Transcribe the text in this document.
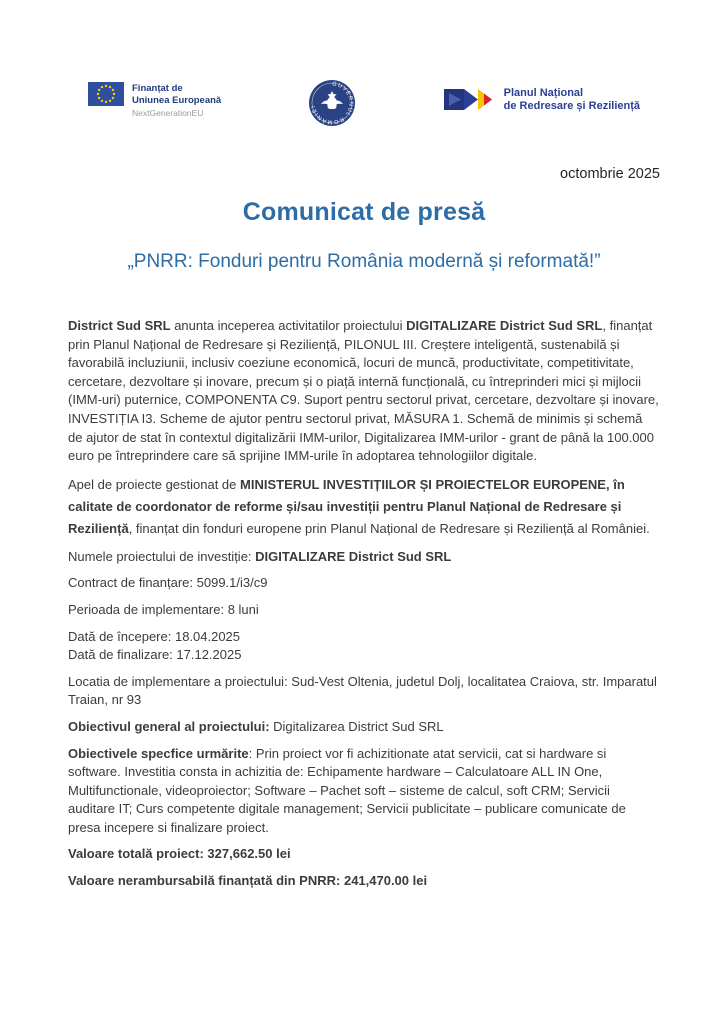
Finanțat de
Uniunea Europeană
NextGenerationEU
GUVERNUL ROMÂNIEI
Planul Național
de Redresare și Reziliență
octombrie 2025
Comunicat de presă
„PNRR: Fonduri pentru România modernă și reformată!”

District Sud SRL anunta inceperea activitatilor proiectului DIGITALIZARE District Sud SRL, finanțat prin Planul Național de Redresare și Reziliență, PILONUL III. Creștere inteligentă, sustenabilă și favorabilă incluziunii, inclusiv coeziune economică, locuri de muncă, productivitate, competitivitate, cercetare, dezvoltare și inovare, precum și o piață internă funcțională, cu întreprinderi mici și mijlocii (IMM-uri) puternice, COMPONENTA C9. Suport pentru sectorul privat, cercetare, dezvoltare și inovare, INVESTIȚIA I3. Scheme de ajutor pentru sectorul privat, MĂSURA 1. Schemă de minimis și schemă de ajutor de stat în contextul digitalizării IMM-urilor, Digitalizarea IMM-urilor - grant de până la 100.000 euro pe întreprindere care să sprijine IMM-urile în adoptarea tehnologiilor digitale.

Apel de proiecte gestionat de MINISTERUL INVESTIȚIILOR ȘI PROIECTELOR EUROPENE, în calitate de coordonator de reforme și/sau investiții pentru Planul Național de Redresare și Reziliență, finanțat din fonduri europene prin Planul Național de Redresare și Reziliență al României.

Numele proiectului de investiție: DIGITALIZARE District Sud SRL

Contract de finanțare: 5099.1/i3/c9

Perioada de implementare: 8 luni

Dată de începere: 18.04.2025
Dată de finalizare: 17.12.2025

Locatia de implementare a proiectului: Sud-Vest Oltenia, judetul Dolj, localitatea Craiova, str. Imparatul Traian, nr 93

Obiectivul general al proiectului: Digitalizarea District Sud SRL

Obiectivele specfice urmărite: Prin proiect vor fi achizitionate atat servicii, cat si hardware si software. Investitia consta in achizitia de: Echipamente hardware – Calculatoare ALL IN One, Multifunctionale, videoproiector; Software – Pachet soft – sisteme de calcul, soft CRM; Servicii auditare IT; Curs competente digitale management; Servicii publicitate – publicare comunicate de presa incepere si finalizare proiect.

Valoare totală proiect: 327,662.50 lei

Valoare nerambursabilă finanțată din PNRR: 241,470.00 lei
